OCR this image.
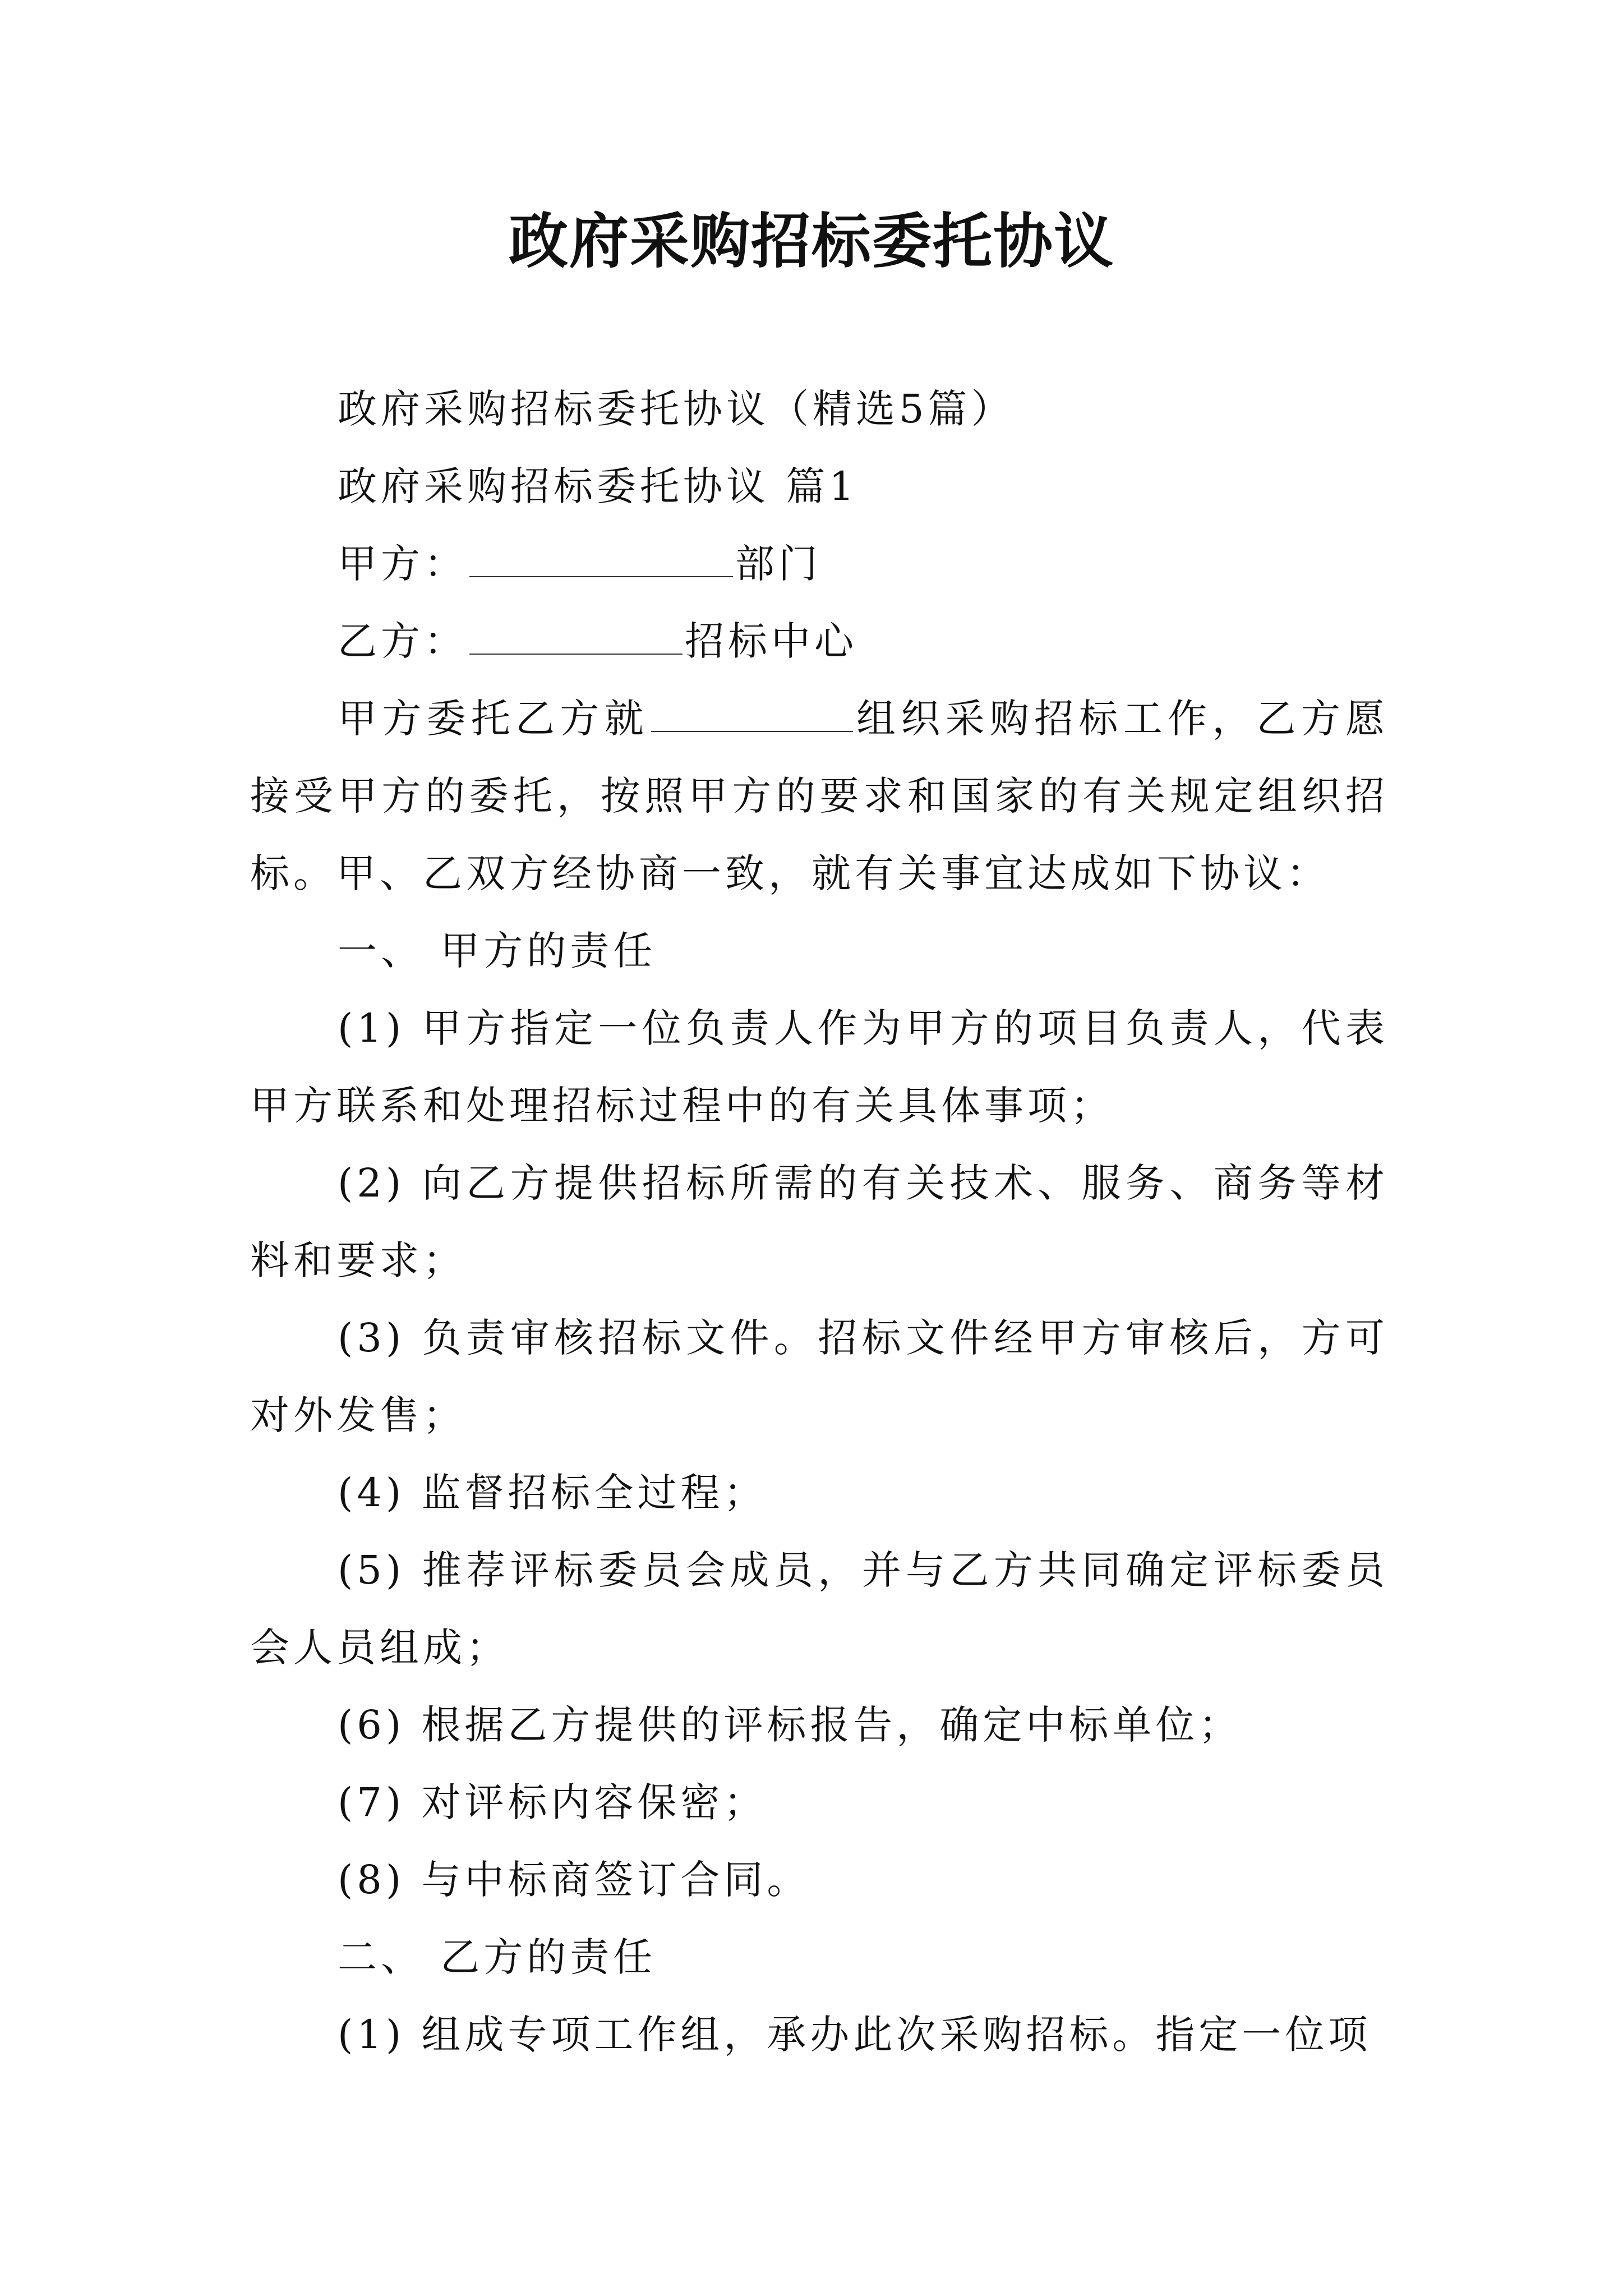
政府采购招标委托协议

政府采购招标委托协议（精选5篇）

政府采购招标委托协议 篇1

甲方：	部门

乙方：	招标中心

甲方委托乙方就	组织采购招标工作，乙方愿接受甲方的委托，按照甲方的要求和国家的有关规定组织招标。甲、乙双方经协商一致，就有关事宜达成如下协议：

一、 甲方的责任

(1) 甲方指定一位负责人作为甲方的项目负责人，代表甲方联系和处理招标过程中的有关具体事项；

(2) 向乙方提供招标所需的有关技术、服务、商务等材料和要求；

(3) 负责审核招标文件。招标文件经甲方审核后，方可对外发售；

(4) 监督招标全过程；

(5) 推荐评标委员会成员，并与乙方共同确定评标委员会人员组成；

(6) 根据乙方提供的评标报告，确定中标单位；

(7) 对评标内容保密；

(8) 与中标商签订合同。

二、 乙方的责任

(1) 组成专项工作组，承办此次采购招标。指定一位项
